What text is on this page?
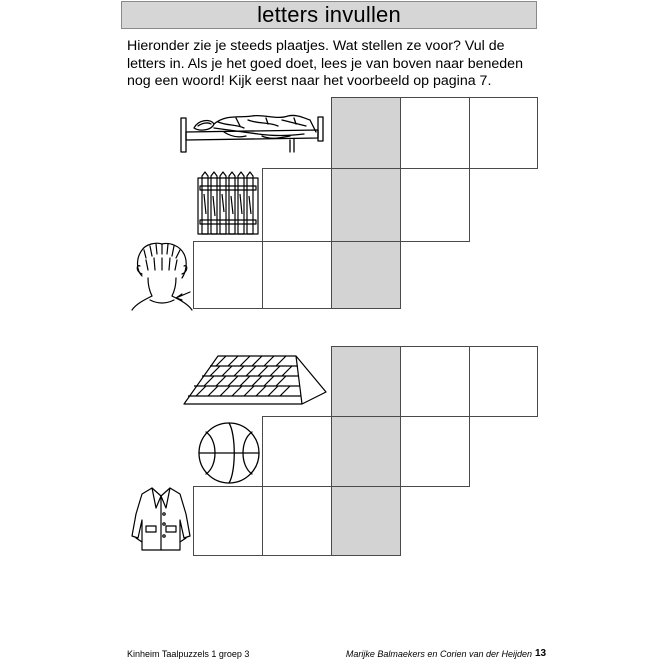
letters invullen

Hieronder zie je steeds plaatjes. Wat stellen ze voor? Vul de
letters in. Als je het goed doet, lees je van boven naar beneden
nog een woord! Kijk eerst naar het voorbeeld op pagina 7.

Kinheim Taalpuzzels 1 groep 3	Marijke Balmaekers en Corien van der Heijden 13
